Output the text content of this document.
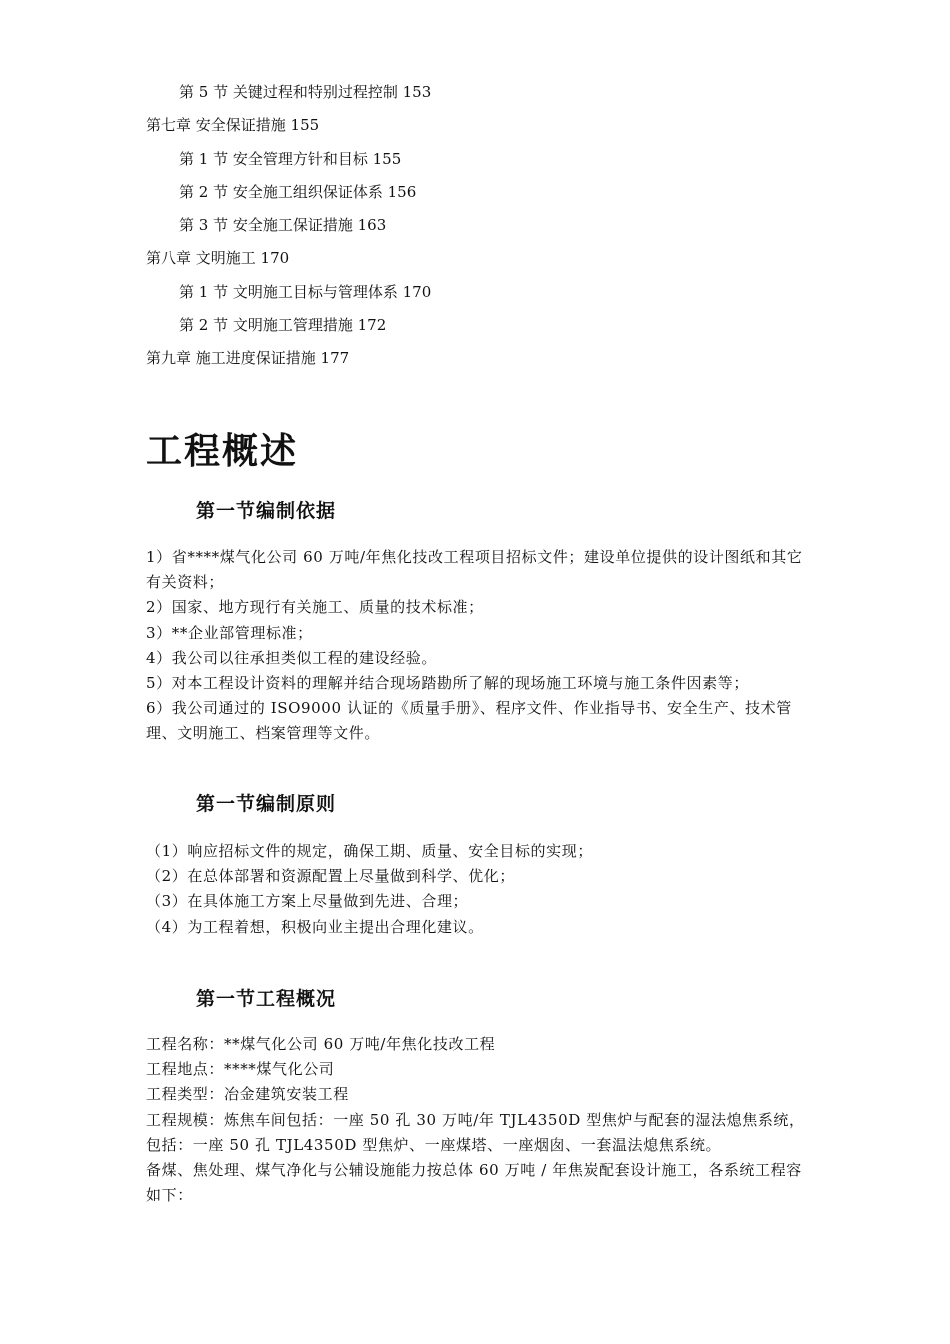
第 5 节 关键过程和特别过程控制 153
第七章 安全保证措施 155
第 1 节 安全管理方针和目标 155
第 2 节 安全施工组织保证体系 156
第 3 节 安全施工保证措施 163
第八章 文明施工 170
第 1 节 文明施工目标与管理体系 170
第 2 节 文明施工管理措施 172
第九章 施工进度保证措施 177
工程概述
第一节编制依据

1）省****煤气化公司 60 万吨/年焦化技改工程项目招标文件；建设单位提供的设计图纸和其它有关资料；

2）国家、地方现行有关施工、质量的技术标准；

3）**企业部管理标准；

4）我公司以往承担类似工程的建设经验。

5）对本工程设计资料的理解并结合现场踏勘所了解的现场施工环境与施工条件因素等；

6）我公司通过的 ISO9000 认证的《质量手册》、程序文件、作业指导书、安全生产、技术管理、文明施工、档案管理等文件。

第一节编制原则

（1）响应招标文件的规定，确保工期、质量、安全目标的实现；

（2）在总体部署和资源配置上尽量做到科学、优化；

（3）在具体施工方案上尽量做到先进、合理；

（4）为工程着想，积极向业主提出合理化建议。

第一节工程概况

工程名称：**煤气化公司 60 万吨/年焦化技改工程

工程地点：****煤气化公司

工程类型：冶金建筑安装工程

工程规模：炼焦车间包括：一座 50 孔 30 万吨/年 TJL4350D 型焦炉与配套的湿法熄焦系统，包括：一座 50 孔 TJL4350D 型焦炉、一座煤塔、一座烟囱、一套温法熄焦系统。

备煤、焦处理、煤气净化与公辅设施能力按总体 60 万吨 / 年焦炭配套设计施工，各系统工程容如下：
